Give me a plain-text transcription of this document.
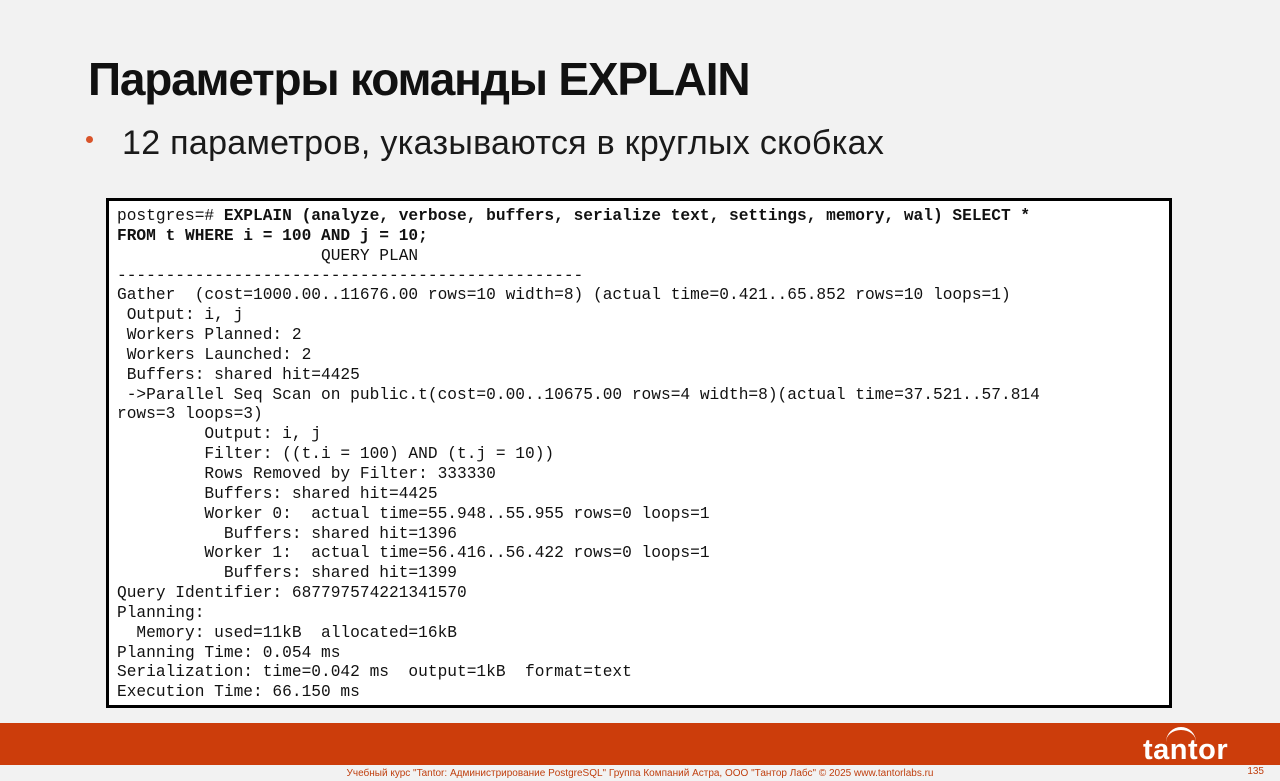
Параметры команды EXPLAIN
12 параметров, указываются в круглых скобках
postgres=# EXPLAIN (analyze, verbose, buffers, serialize text, settings, memory, wal) SELECT *
FROM t WHERE i = 100 AND j = 10;
QUERY PLAN
------------------------------------------------
Gather  (cost=1000.00..11676.00 rows=10 width=8) (actual time=0.421..65.852 rows=10 loops=1)
Output: i, j
Workers Planned: 2
Workers Launched: 2
Buffers: shared hit=4425
->Parallel Seq Scan on public.t(cost=0.00..10675.00 rows=4 width=8)(actual time=37.521..57.814
rows=3 loops=3)
Output: i, j
Filter: ((t.i = 100) AND (t.j = 10))
Rows Removed by Filter: 333330
Buffers: shared hit=4425
Worker 0:  actual time=55.948..55.955 rows=0 loops=1
Buffers: shared hit=1396
Worker 1:  actual time=56.416..56.422 rows=0 loops=1
Buffers: shared hit=1399
Query Identifier: 687797574221341570
Planning:
Memory: used=11kB  allocated=16kB
Planning Time: 0.054 ms
Serialization: time=0.042 ms  output=1kB  format=text
Execution Time: 66.150 ms
tantor
Учебный курс "Tantor: Администрирование PostgreSQL" Группа Компаний Астра, ООО "Тантор Лабс" © 2025 www.tantorlabs.ru	135
